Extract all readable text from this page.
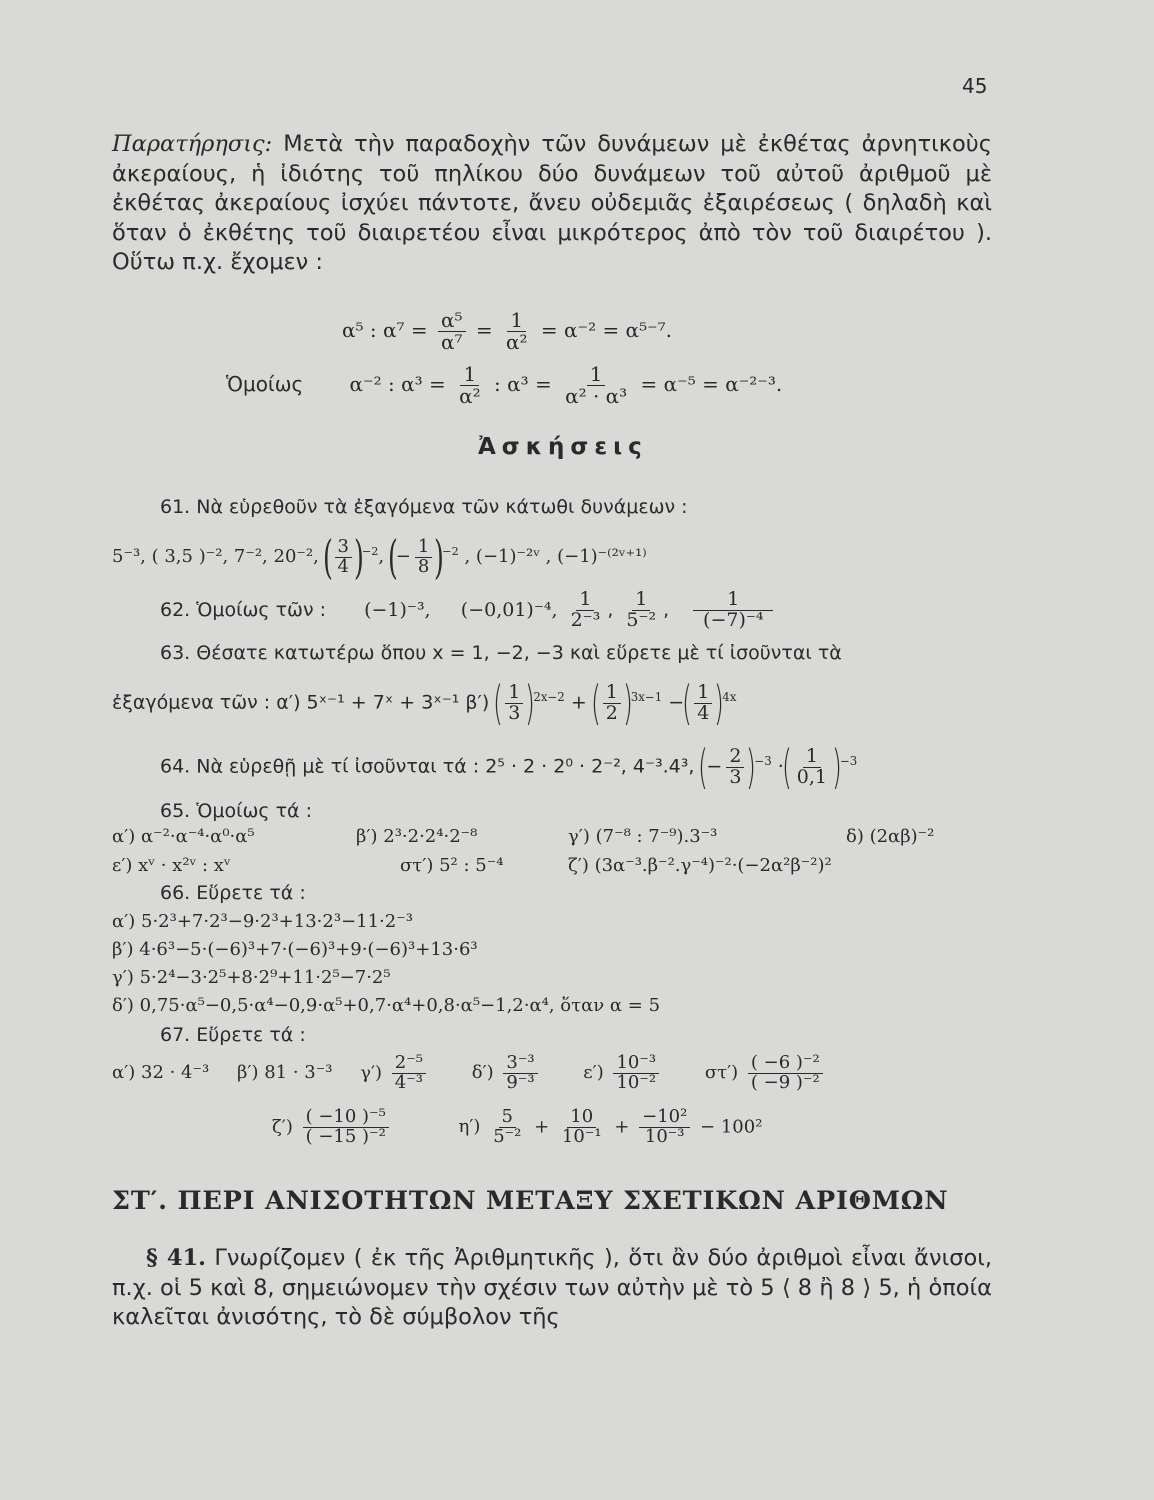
45
Παρατήρησις: Μετὰ τὴν παραδοχὴν τῶν δυνάμεων μὲ ἐκθέτας ἀρνητικοὺς ἀκεραίους, ἡ ἰδιότης τοῦ πηλίκου δύο δυνάμεων τοῦ αὐτοῦ ἀριθμοῦ μὲ ἐκθέτας ἀκεραίους ἰσχύει πάντοτε, ἄνευ οὐδεμιᾶς ἐξαιρέσεως ( δηλαδὴ καὶ ὅταν ὁ ἐκθέτης τοῦ διαιρετέου εἶναι μικρότερος ἀπὸ τὸν τοῦ διαιρέτου ). Οὕτω π.χ. ἔχομεν :
α⁵ : $\alpha^7 = \frac{\text{α⁵}}{\text{α⁷}} = \frac{1}{\text{α²}} = \alpha^{-2} = \alpha^{5-7}$.
Ὁμοίως α⁻² : $\alpha^3 = \frac{1}{\text{α²}}$ : $\alpha^3 = \frac{1}{\text{α² · α³}} = \alpha^{-5} = \alpha^{-2-3}$.
Ἀσκήσεις
61. Νὰ εὑρεθοῦν τὰ ἐξαγόμενα τῶν κάτωθι δυνάμεων :
5⁻³, ( 3,5 )⁻², 7⁻², 20⁻², ( $\frac{3}{4} )^{-2}$, (− $\frac{1}{8} )^{-2}$ , (−1)⁻²ᵛ , (−1)⁻⁽²ᵛ⁺¹⁾
62. Ὁμοίως τῶν : (−1)⁻³,     (−0,01)⁻⁴, $\frac{1}{\text{2⁻³}}$ , $\frac{1}{\text{5⁻²}}$ , $\frac{1}{\text{(−7)⁻⁴}}$
63. Θέσατε κατωτέρω ὅπου x = 1, −2, −3 καὶ εὕρετε μὲ τί ἰσοῦνται τὰ
ἐξαγόμενα τῶν : α′) 5ˣ⁻¹ + 7ˣ + 3ˣ⁻¹ β′) ( $\frac{1}{3} )^{2x-2}$ + ( $\frac{1}{2} )^{3x-1}$ −( $\frac{1}{4} )^{4x}$
64. Νὰ εὑρεθῇ μὲ τί ἰσοῦνται τά : 2⁵ · 2 · 2⁰ · 2⁻², 4⁻³.4³, (− $\frac{2}{3} )^{-3}$ ·( $\frac{1}{0,1} )^{-3}$
65. Ὁμοίως τά :
α′) α⁻²·α⁻⁴·α⁰·α⁵	β′) 2³·2·2⁴·2⁻⁸	γ′) (7⁻⁸ : 7⁻⁹).3⁻³	δ) (2αβ)⁻²
ε′) xᵛ · x²ᵛ : xᵛ	στ′) 5² : 5⁻⁴	ζ′) (3α⁻³.β⁻².γ⁻⁴)⁻²·(−2α²β⁻²)²
66. Εὕρετε τά :
α′) 5·2³+7·2³−9·2³+13·2³−11·2⁻³
β′) 4·6³−5·(−6)³+7·(−6)³+9·(−6)³+13·6³
γ′) 5·2⁴−3·2⁵+8·2⁹+11·2⁵−7·2⁵
δ′) 0,75·α⁵−0,5·α⁴−0,9·α⁵+0,7·α⁴+0,8·α⁵−1,2·α⁴, ὅταν α = 5
67. Εὕρετε τά :
α′) 32 · 4⁻³ β′) 81 · 3⁻³ $\gamma') \frac{\text{2⁻⁵}}{\text{4⁻³}}$	$\delta') \frac{\text{3⁻³}}{\text{9⁻³}}$	$\varepsilon') \frac{\text{10⁻³}}{\text{10⁻²}}$	$\sigma\tau') \frac{\text{( −6 )⁻²}}{\text{( −9 )⁻²}}$
$\zeta') \frac{\text{( −10 )⁻⁵}}{\text{( −15 )⁻²}}$	$\eta') \frac{5}{\text{5⁻²}} + \frac{10}{\text{10⁻¹}} + \frac{\text{−10²}}{\text{10⁻³}} - 100^2$
ΣΤ′. ΠΕΡΙ ΑΝΙΣΟΤΗΤΩΝ ΜΕΤΑΞΥ ΣΧΕΤΙΚΩΝ ΑΡΙΘΜΩΝ
§ 41. Γνωρίζομεν ( ἐκ τῆς Ἀριθμητικῆς ), ὅτι ἂν δύο ἀριθμοὶ εἶναι ἄνισοι, π.χ. οἱ 5 καὶ 8, σημειώνομεν τὴν σχέσιν των αὐτὴν μὲ τὸ 5 ⟨ 8 ἢ 8 ⟩ 5, ἡ ὁποία καλεῖται ἀνισότης, τὸ δὲ σύμβολον τῆς
